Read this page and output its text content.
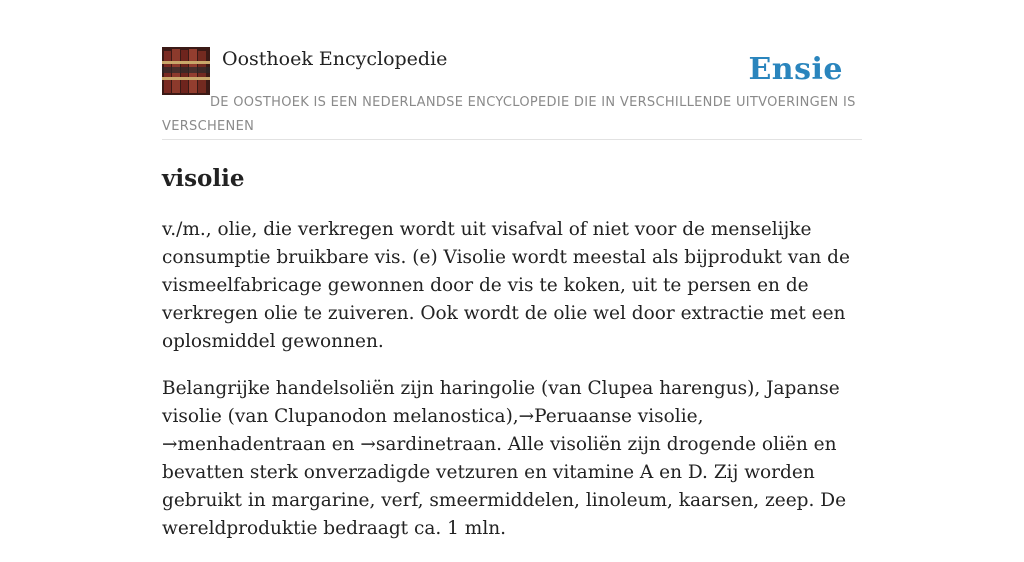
Oosthoek Encyclopedie	Ensie
DE OOSTHOEK IS EEN NEDERLANDSE ENCYCLOPEDIE DIE IN VERSCHILLENDE UITVOERINGEN IS VERSCHENEN
visolie

v./m., olie, die verkregen wordt uit visafval of niet voor de menselijke consumptie bruikbare vis. (e) Visolie wordt meestal als bijprodukt van de vismeelfabricage gewonnen door de vis te koken, uit te persen en de verkregen olie te zuiveren. Ook wordt de olie wel door extractie met een oplosmiddel gewonnen.

Belangrijke handelsoliën zijn haringolie (van Clupea harengus), Japanse visolie (van Clupanodon melanostica),→Peruaanse visolie, →menhadentraan en →sardinetraan. Alle visoliën zijn drogende oliën en bevatten sterk onverzadigde vetzuren en vitamine A en D. Zij worden gebruikt in margarine, verf, smeermiddelen, linoleum, kaarsen, zeep. De wereldproduktie bedraagt ca. 1 mln.
